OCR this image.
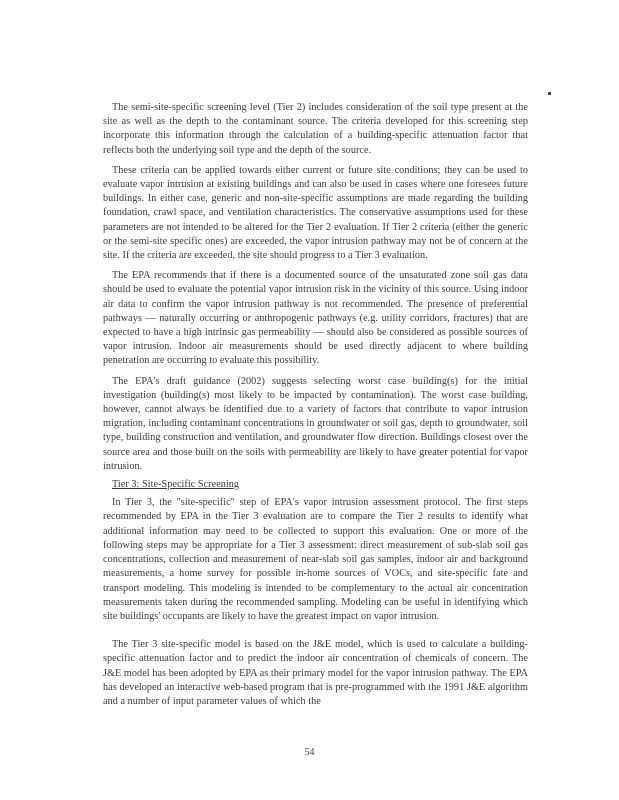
The semi-site-specific screening level (Tier 2) includes consideration of the soil type present at the site as well as the depth to the contaminant source. The criteria developed for this screening step incorporate this information through the calculation of a building-specific attenuation factor that reflects both the underlying soil type and the depth of the source.

These criteria can be applied towards either current or future site conditions; they can be used to evaluate vapor intrusion at existing buildings and can also be used in cases where one foresees future buildings. In either case, generic and non-site-specific assumptions are made regarding the building foundation, crawl space, and ventilation characteristics. The conservative assumptions used for these parameters are not intended to be altered for the Tier 2 evaluation. If Tier 2 criteria (either the generic or the semi-site specific ones) are exceeded, the vapor intrusion pathway may not be of concern at the site. If the criteria are exceeded, the site should progress to a Tier 3 evaluation.

The EPA recommends that if there is a documented source of the unsaturated zone soil gas data should be used to evaluate the potential vapor intrusion risk in the vicinity of this source. Using indoor air data to confirm the vapor intrusion pathway is not recommended. The presence of preferential pathways — naturally occurring or anthropogenic pathways (e.g. utility corridors, fractures) that are expected to have a high intrinsic gas permeability — should also be considered as possible sources of vapor intrusion. Indoor air measurements should be used directly adjacent to where building penetration are occurring to evaluate this possibility.

The EPA's draft guidance (2002) suggests selecting worst case building(s) for the initial investigation (building(s) most likely to be impacted by contamination). The worst case building, however, cannot always be identified due to a variety of factors that contribute to vapor intrusion migration, including contaminant concentrations in groundwater or soil gas, depth to groundwater, soil type, building construction and ventilation, and groundwater flow direction. Buildings closest over the source area and those built on the soils with permeability are likely to have greater potential for vapor intrusion.

Tier 3: Site-Specific Screening

In Tier 3, the "site-specific" step of EPA's vapor intrusion assessment protocol. The first steps recommended by EPA in the Tier 3 evaluation are to compare the Tier 2 results to identify what additional information may need to be collected to support this evaluation. One or more of the following steps may be appropriate for a Tier 3 assessment: direct measurement of sub-slab soil gas concentrations, collection and measurement of near-slab soil gas samples, indoor air and background measurements, a home survey for possible in-home sources of VOCs, and site-specific fate and transport modeling. This modeling is intended to be complementary to the actual air concentration measurements taken during the recommended sampling. Modeling can be useful in identifying which site buildings' occupants are likely to have the greatest impact on vapor intrusion.

The Tier 3 site-specific model is based on the J&E model, which is used to calculate a building-specific attenuation factor and to predict the indoor air concentration of chemicals of concern. The J&E model has been adopted by EPA as their primary model for the vapor intrusion pathway. The EPA has developed an interactive web-based program that is pre-programmed with the 1991 J&E algorithm and a number of input parameter values of which the

54
